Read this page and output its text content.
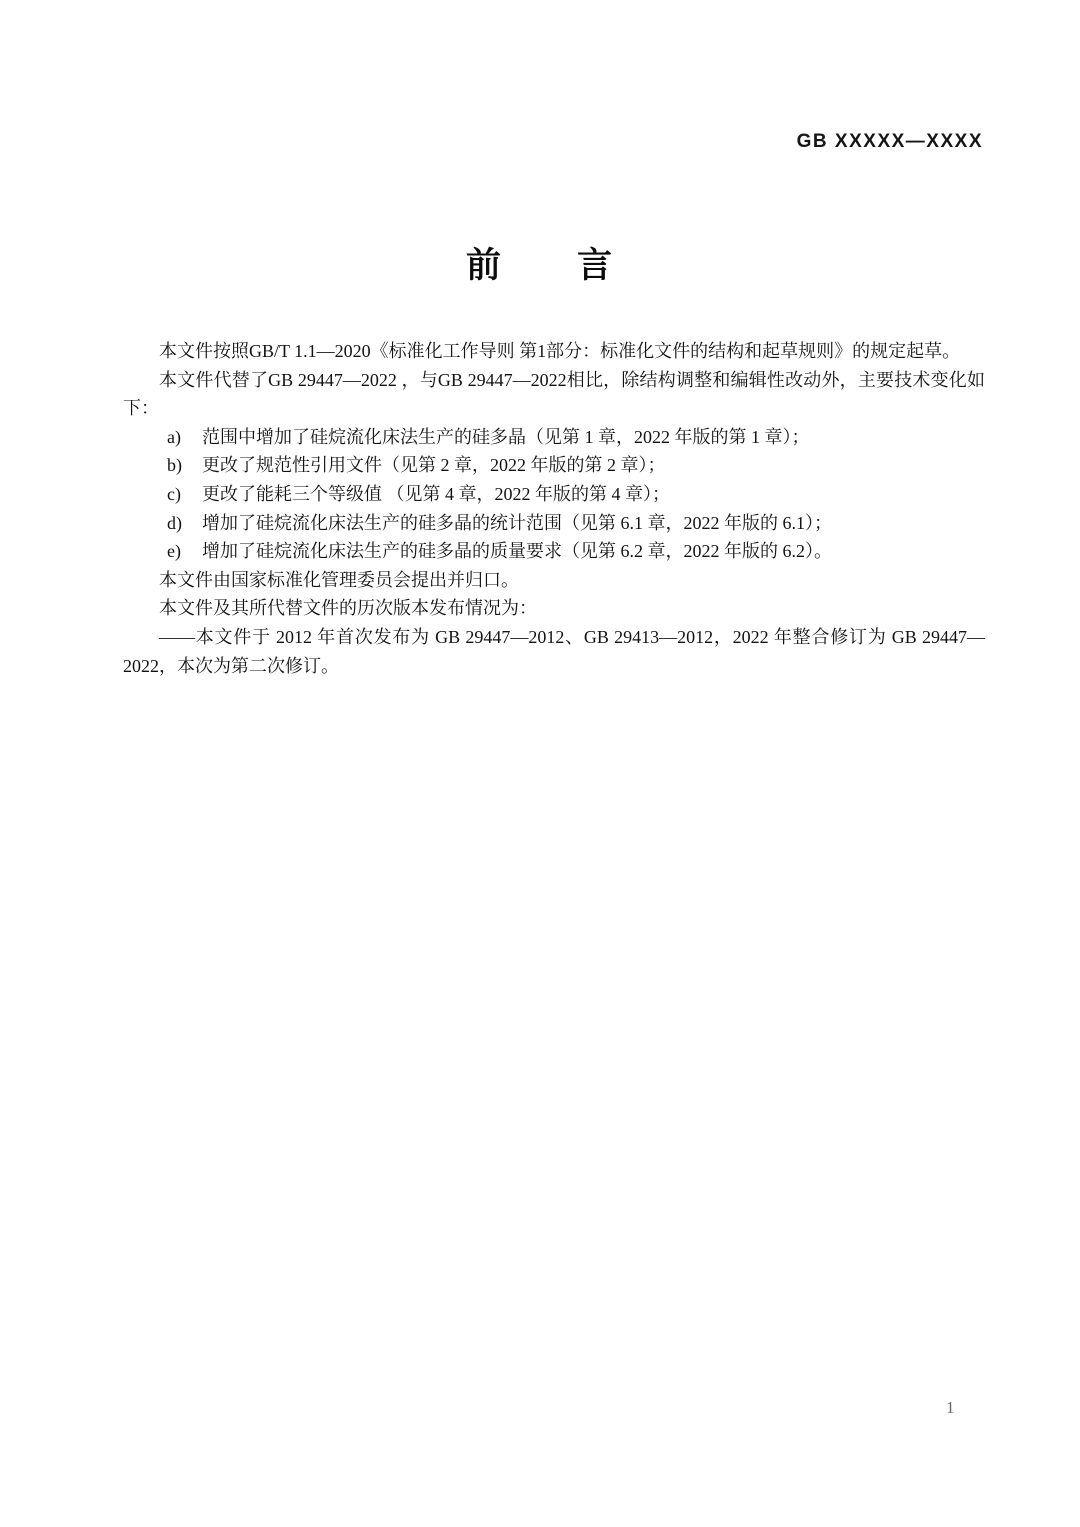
GB XXXXX—XXXX
前　　言

本文件按照GB/T 1.1—2020《标准化工作导则 第1部分：标准化文件的结构和起草规则》的规定起草。

本文件代替了GB 29447—2022 ，与GB 29447—2022相比，除结构调整和编辑性改动外，主要技术变化如下：

a) 范围中增加了硅烷流化床法生产的硅多晶（见第 1 章，2022 年版的第 1 章）；

b) 更改了规范性引用文件（见第 2 章，2022 年版的第 2 章）；

c) 更改了能耗三个等级值 （见第 4 章，2022 年版的第 4 章）；

d) 增加了硅烷流化床法生产的硅多晶的统计范围（见第 6.1 章，2022 年版的 6.1）；

e) 增加了硅烷流化床法生产的硅多晶的质量要求（见第 6.2 章，2022 年版的 6.2）。

本文件由国家标准化管理委员会提出并归口。

本文件及其所代替文件的历次版本发布情况为：

——本文件于 2012 年首次发布为 GB 29447—2012、GB 29413—2012，2022 年整合修订为 GB 29447—2022，本次为第二次修订。

1
